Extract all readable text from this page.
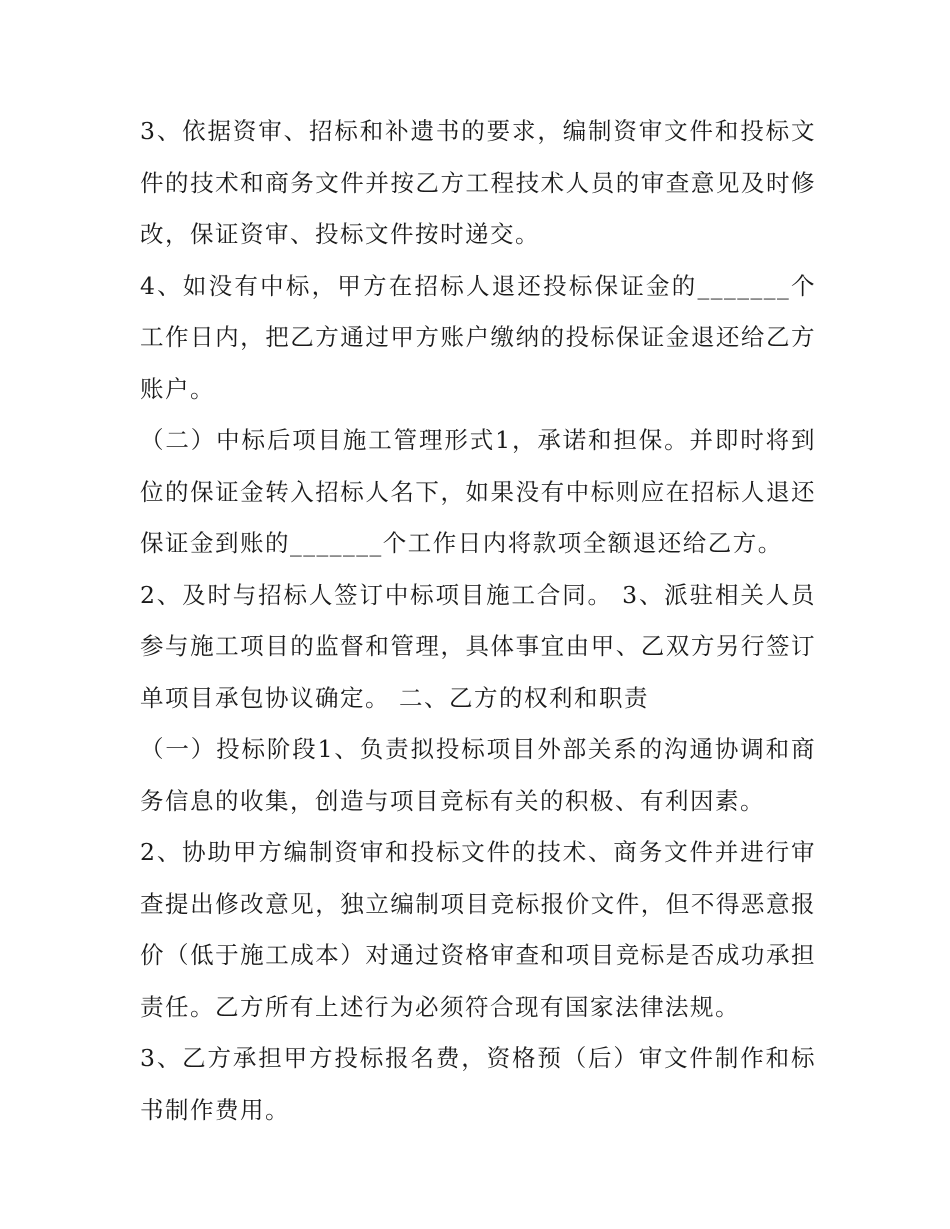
3、依据资审、招标和补遗书的要求，编制资审文件和投标文件的技术和商务文件并按乙方工程技术人员的审查意见及时修改，保证资审、投标文件按时递交。

4、如没有中标，甲方在招标人退还投标保证金的_______个工作日内，把乙方通过甲方账户缴纳的投标保证金退还给乙方账户。

（二）中标后项目施工管理形式1，承诺和担保。并即时将到位的保证金转入招标人名下，如果没有中标则应在招标人退还保证金到账的_______个工作日内将款项全额退还给乙方。

2、及时与招标人签订中标项目施工合同。 3、派驻相关人员参与施工项目的监督和管理，具体事宜由甲、乙双方另行签订单项目承包协议确定。 二、乙方的权利和职责

（一）投标阶段1、负责拟投标项目外部关系的沟通协调和商务信息的收集，创造与项目竞标有关的积极、有利因素。

2、协助甲方编制资审和投标文件的技术、商务文件并进行审查提出修改意见，独立编制项目竞标报价文件，但不得恶意报价（低于施工成本）对通过资格审查和项目竞标是否成功承担责任。乙方所有上述行为必须符合现有国家法律法规。

3、乙方承担甲方投标报名费，资格预（后）审文件制作和标书制作费用。
